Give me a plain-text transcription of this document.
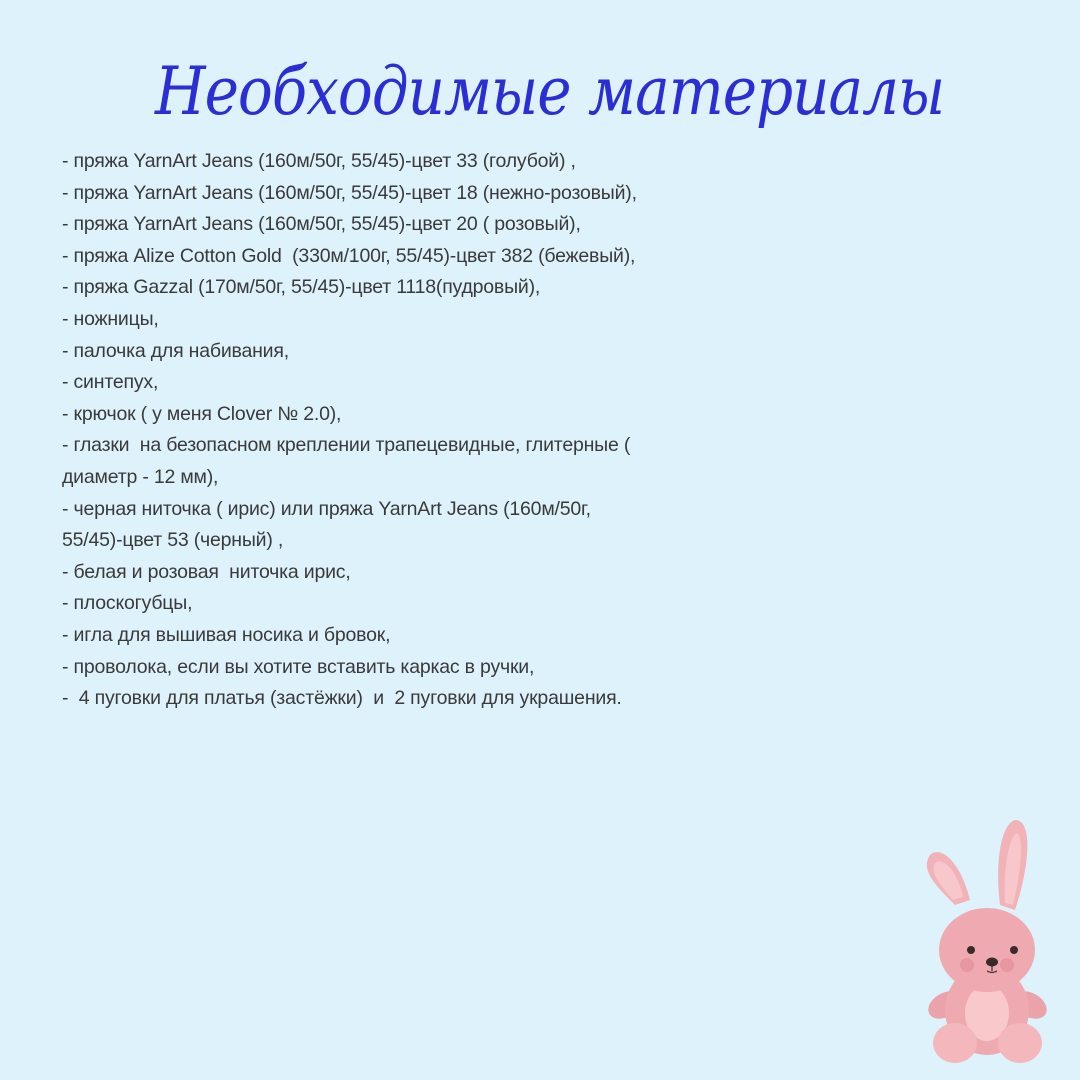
Необходимые материалы
- пряжа YarnArt Jeans (160м/50г, 55/45)-цвет 33 (голубой) ,
- пряжа YarnArt Jeans (160м/50г, 55/45)-цвет 18 (нежно-розовый),
- пряжа YarnArt Jeans (160м/50г, 55/45)-цвет 20 ( розовый),
- пряжа Alize Cotton Gold  (330м/100г, 55/45)-цвет 382 (бежевый),
- пряжа Gazzal (170м/50г, 55/45)-цвет 1118(пудровый),
- ножницы,
- палочка для набивания,
- синтепух,
- крючок ( у меня Clover № 2.0),
- глазки  на безопасном креплении трапецевидные, глитерные (
диаметр - 12 мм),
- черная ниточка ( ирис) или пряжа YarnArt Jeans (160м/50г,
55/45)-цвет 53 (черный) ,
- белая и розовая  ниточка ирис,
- плоскогубцы,
- игла для вышивая носика и бровок,
- проволока, если вы хотите вставить каркас в ручки,
-  4 пуговки для платья (застёжки)  и  2 пуговки для украшения.
